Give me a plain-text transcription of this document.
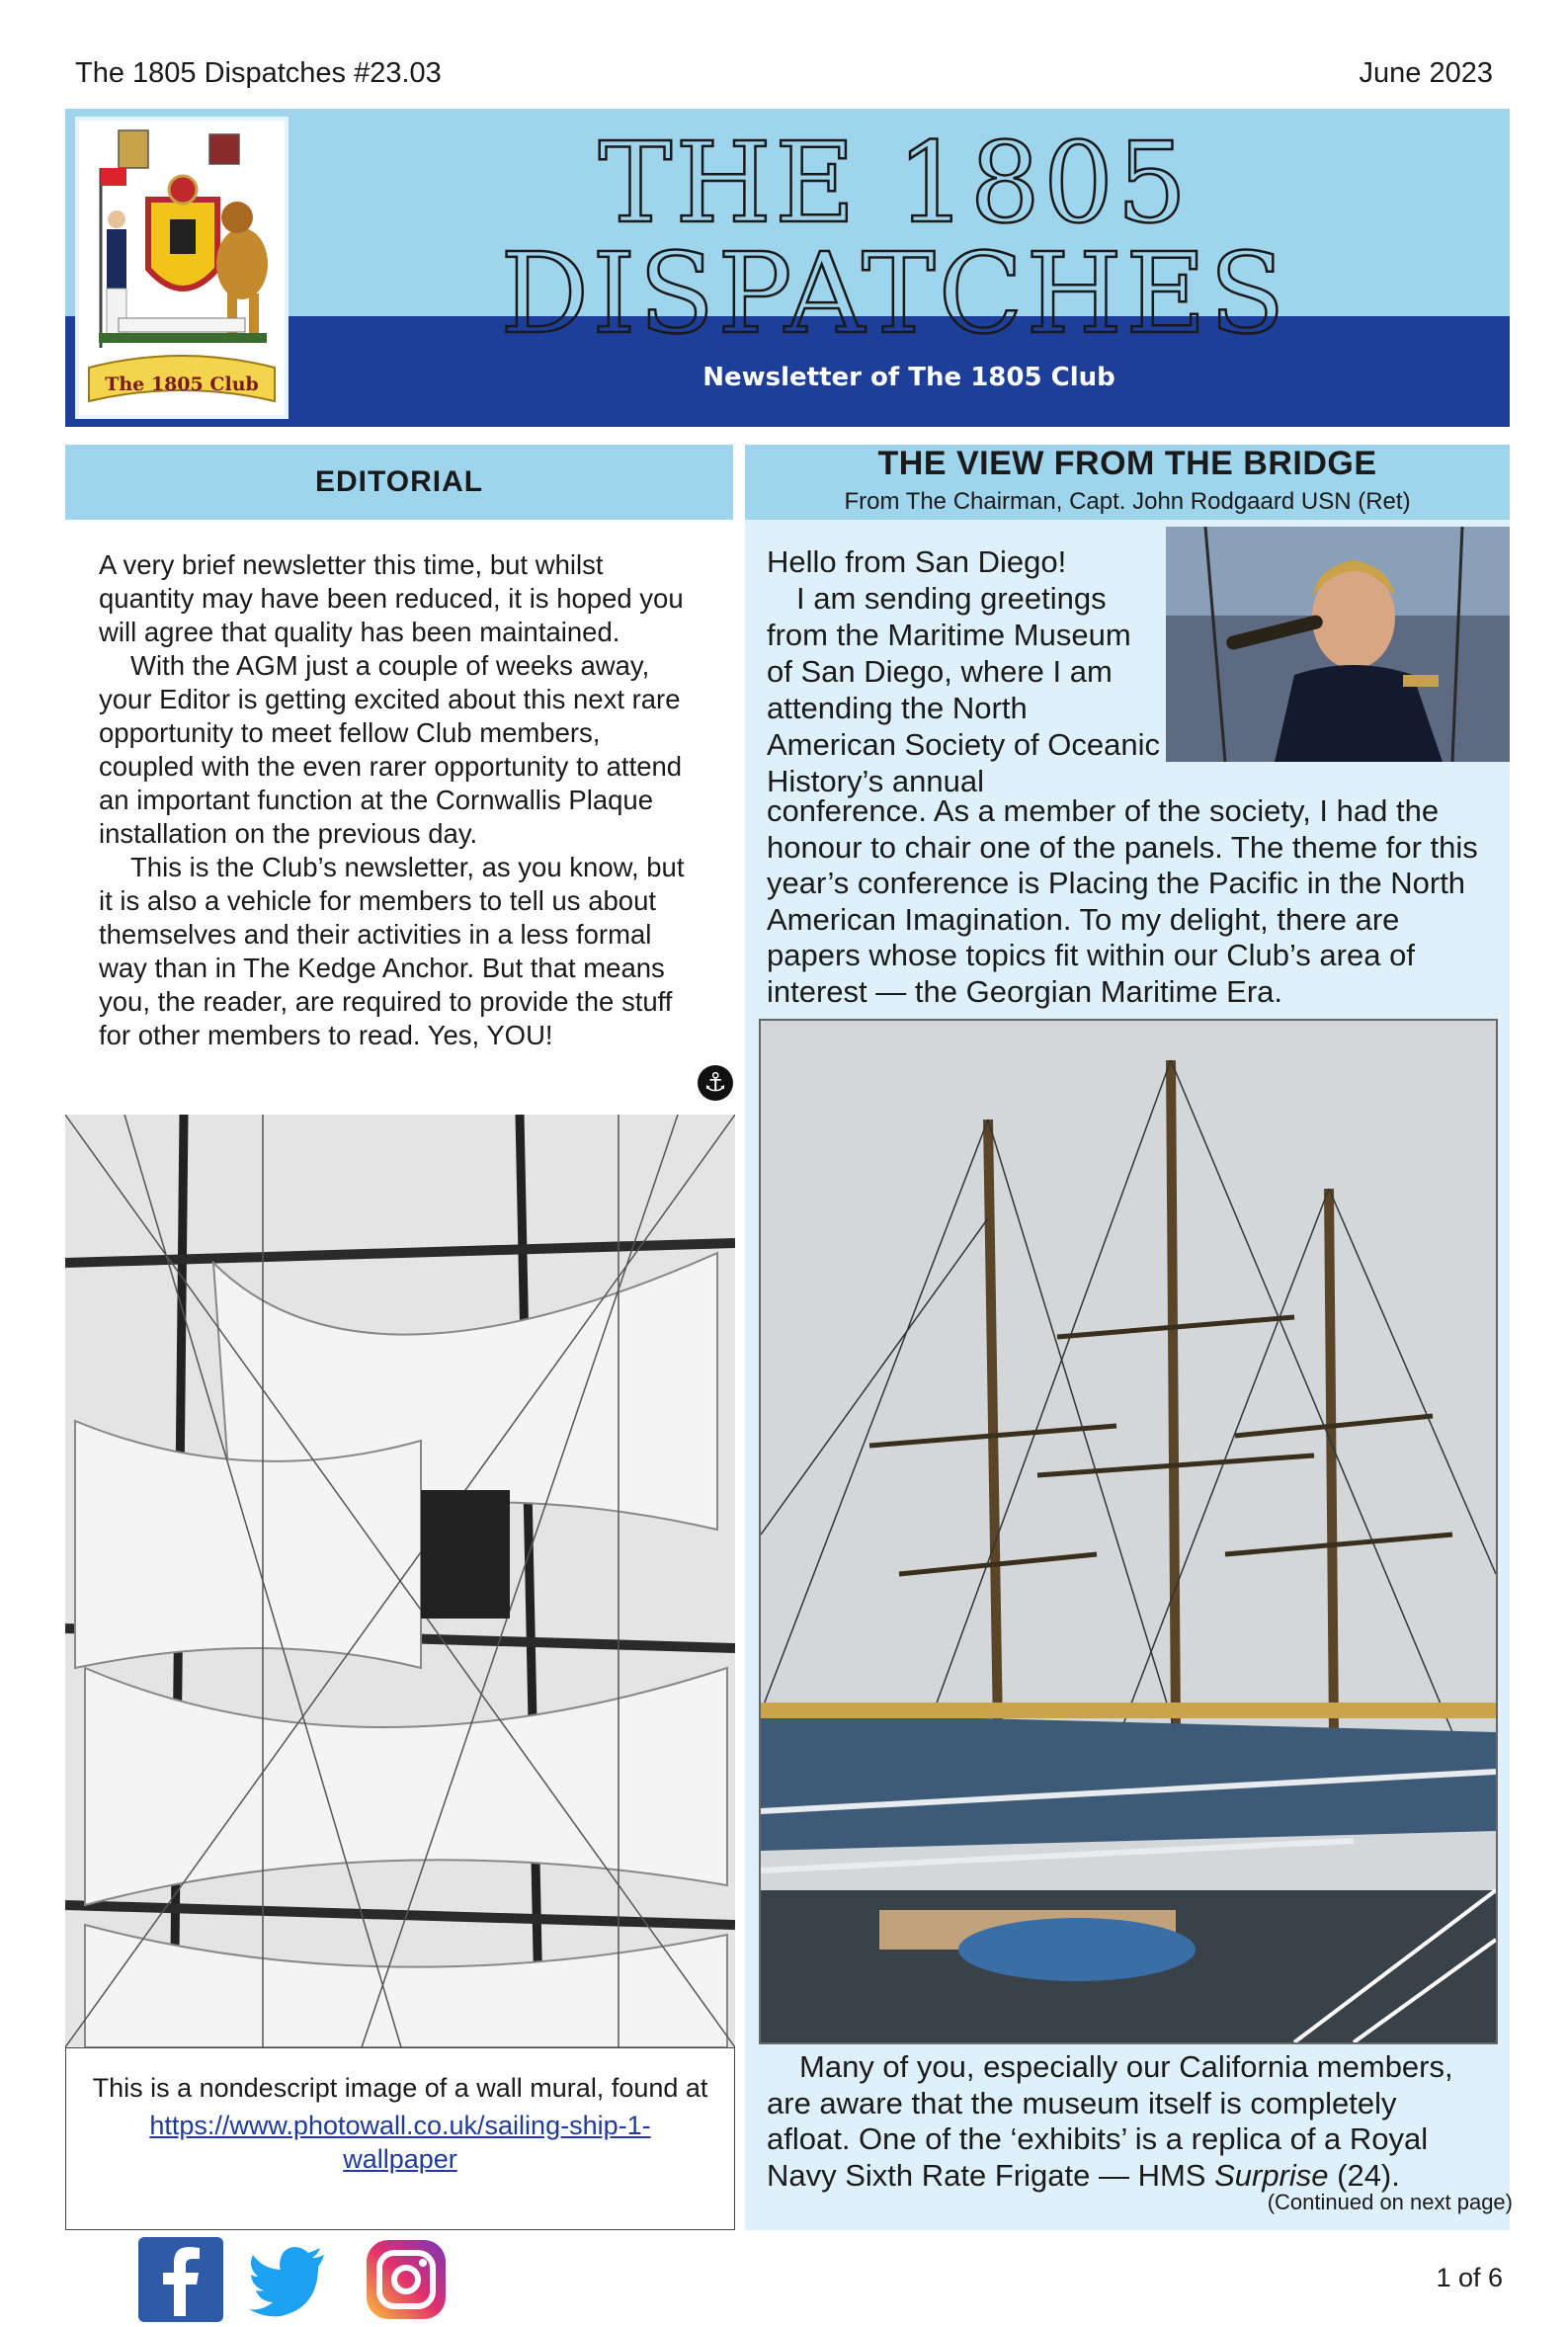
The 1805 Dispatches #23.03	June 2023
The 1805 Club
THE 1805 DISPATCHES
Newsletter of The 1805 Club
EDITORIAL

A very brief newsletter this time, but whilst quantity may have been reduced, it is hoped you will agree that quality has been maintained.

With the AGM just a couple of weeks away, your Editor is getting excited about this next rare opportunity to meet fellow Club members, coupled with the even rarer opportunity to attend an important function at the Cornwallis Plaque installation on the previous day.

This is the Club’s newsletter, as you know, but it is also a vehicle for members to tell us about themselves and their activities in a less formal way than in The Kedge Anchor. But that means you, the reader, are required to provide the stuff for other members to read. Yes, YOU!

⚓
This is a nondescript image of a wall mural, found at
https://www.photowall.co.uk/sailing-ship-1-wallpaper
THE VIEW FROM THE BRIDGE
From The Chairman, Capt. John Rodgaard USN (Ret)

Hello from San Diego!

I am sending greetings from the Maritime Museum of San Diego, where I am attending the North American Society of Oceanic History’s annual

conference. As a member of the society, I had the honour to chair one of the panels. The theme for this year’s conference is Placing the Pacific in the North American Imagination. To my delight, there are papers whose topics fit within our Club’s area of interest — the Georgian Maritime Era.
Many of you, especially our California members, are aware that the museum itself is completely afloat. One of the ‘exhibits’ is a replica of a Royal Navy Sixth Rate Frigate — HMS Surprise (24).
(Continued on next page)
1 of 6
